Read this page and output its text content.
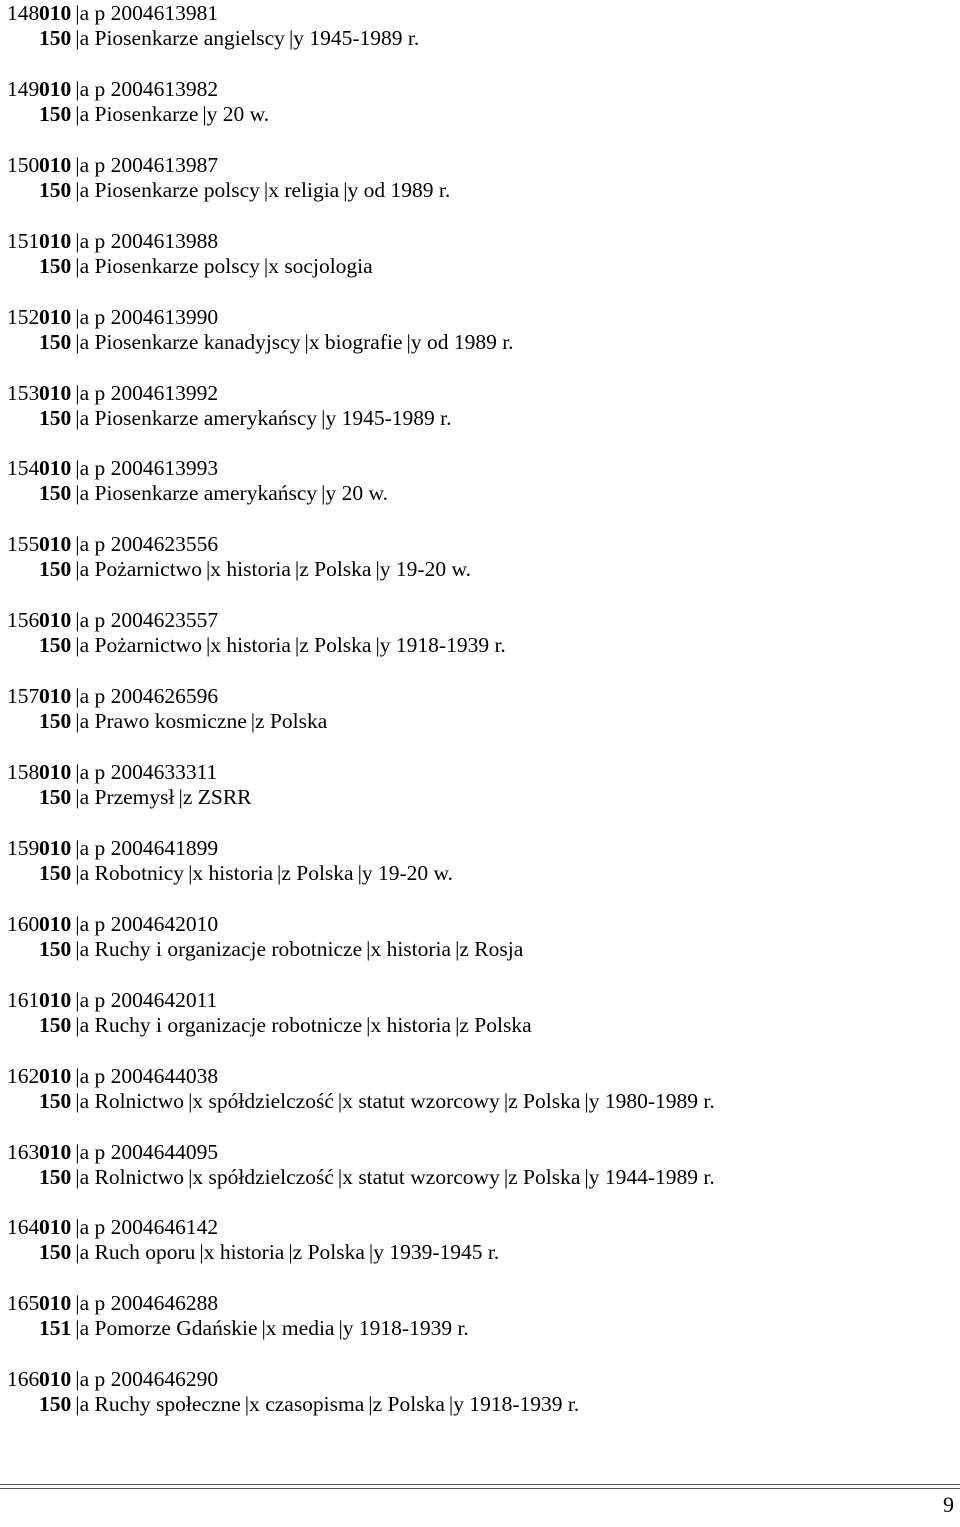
148010 | a p 2004613981
150 | a Piosenkarze angielscy | y 1945-1989 r.
149010 | a p 2004613982
150 | a Piosenkarze | y 20 w.
150010 | a p 2004613987
150 | a Piosenkarze polscy | x religia | y od 1989 r.
151010 | a p 2004613988
150 | a Piosenkarze polscy | x socjologia
152010 | a p 2004613990
150 | a Piosenkarze kanadyjscy | x biografie | y od 1989 r.
153010 | a p 2004613992
150 | a Piosenkarze amerykańscy | y 1945-1989 r.
154010 | a p 2004613993
150 | a Piosenkarze amerykańscy | y 20 w.
155010 | a p 2004623556
150 | a Pożarnictwo | x historia | z Polska | y 19-20 w.
156010 | a p 2004623557
150 | a Pożarnictwo | x historia | z Polska | y 1918-1939 r.
157010 | a p 2004626596
150 | a Prawo kosmiczne | z Polska
158010 | a p 2004633311
150 | a Przemysł | z ZSRR
159010 | a p 2004641899
150 | a Robotnicy | x historia | z Polska | y 19-20 w.
160010 | a p 2004642010
150 | a Ruchy i organizacje robotnicze | x historia | z Rosja
161010 | a p 2004642011
150 | a Ruchy i organizacje robotnicze | x historia | z Polska
162010 | a p 2004644038
150 | a Rolnictwo | x spółdzielczość | x statut wzorcowy | z Polska | y 1980-1989 r.
163010 | a p 2004644095
150 | a Rolnictwo | x spółdzielczość | x statut wzorcowy | z Polska | y 1944-1989 r.
164010 | a p 2004646142
150 | a Ruch oporu | x historia | z Polska | y 1939-1945 r.
165010 | a p 2004646288
151 | a Pomorze Gdańskie | x media | y 1918-1939 r.
166010 | a p 2004646290
150 | a Ruchy społeczne | x czasopisma | z Polska | y 1918-1939 r.
9
